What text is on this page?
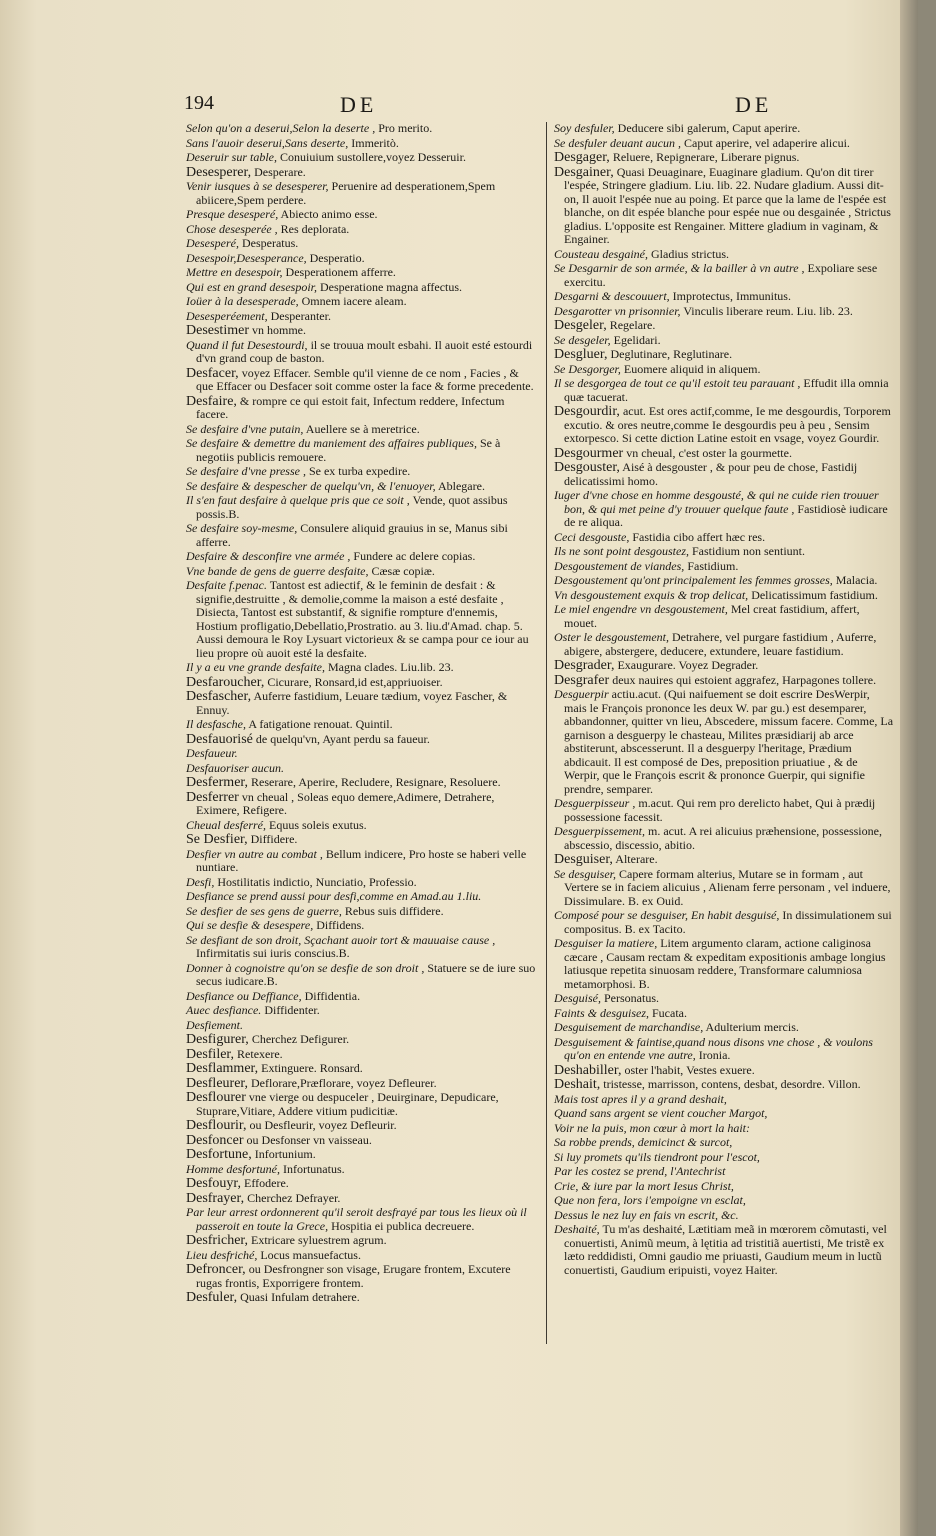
194	DE	DE

Selon qu'on a deserui,Selon la deserte , Pro merito.

Sans l'auoir deserui,Sans deserte, Immeritò.

Deseruir sur table, Conuiuium sustollere,voyez Desseruir.

Desesperer, Desperare.

Venir iusques à se desesperer, Peruenire ad desperationem,Spem abiicere,Spem perdere.

Presque desesperé, Abiecto animo esse.

Chose desesperée , Res deplorata.

Desesperé, Desperatus.

Desespoir,Desesperance, Desperatio.

Mettre en desespoir, Desperationem afferre.

Qui est en grand desespoir, Desperatione magna affectus.

Ioüer à la desesperade, Omnem iacere aleam.

Desesperéement, Desperanter.

Desestimer vn homme.

Quand il fut Desestourdi, il se trouua moult esbahi. Il auoit esté estourdi d'vn grand coup de baston.

Desfacer, voyez Effacer. Semble qu'il vienne de ce nom , Facies , & que Effacer ou Desfacer soit comme oster la face & forme precedente.

Desfaire, & rompre ce qui estoit fait, Infectum reddere, Infectum facere.

Se desfaire d'vne putain, Auellere se à meretrice.

Se desfaire & demettre du maniement des affaires publiques, Se à negotiis publicis remouere.

Se desfaire d'vne presse , Se ex turba expedire.

Se desfaire & despescher de quelqu'vn, & l'enuoyer, Ablegare.

Il s'en faut desfaire à quelque pris que ce soit , Vende, quot assibus possis.B.

Se desfaire soy-mesme, Consulere aliquid grauius in se, Manus sibi afferre.

Desfaire & desconfire vne armée , Fundere ac delere copias.

Vne bande de gens de guerre desfaite, Cæsæ copiæ.

Desfaite f.penac. Tantost est adiectif, & le feminin de desfait : & signifie,destruitte , & demolie,comme la maison a esté desfaite , Disiecta, Tantost est substantif, & signifie rompture d'ennemis, Hostium profligatio,Debellatio,Prostratio. au 3. liu.d'Amad. chap. 5. Aussi demoura le Roy Lysuart victorieux & se campa pour ce iour au lieu propre où auoit esté la desfaite.

Il y a eu vne grande desfaite, Magna clades. Liu.lib. 23.

Desfaroucher, Cicurare, Ronsard,id est,appriuoiser.

Desfascher, Auferre fastidium, Leuare tædium, voyez Fascher, & Ennuy.

Il desfasche, A fatigatione renouat. Quintil.

Desfauorisé de quelqu'vn, Ayant perdu sa faueur.

Desfaueur.

Desfauoriser aucun.

Desfermer, Reserare, Aperire, Recludere, Resignare, Resoluere.

Desferrer vn cheual , Soleas equo demere,Adimere, Detrahere, Eximere, Refigere.

Cheual desferré, Equus soleis exutus.

Se Desfier, Diffidere.

Desfier vn autre au combat , Bellum indicere, Pro hoste se haberi velle nuntiare.

Desfi, Hostilitatis indictio, Nunciatio, Professio.

Desfiance se prend aussi pour desfi,comme en Amad.au 1.liu.

Se desfier de ses gens de guerre, Rebus suis diffidere.

Qui se desfie & desespere, Diffidens.

Se desfiant de son droit, Sçachant auoir tort & mauuaise cause , Infirmitatis sui iuris conscius.B.

Donner à cognoistre qu'on se desfie de son droit , Statuere se de iure suo secus iudicare.B.

Desfiance ou Deffiance, Diffidentia.

Auec desfiance. Diffidenter.

Desfiement.

Desfigurer, Cherchez Defigurer.

Desfiler, Retexere.

Desflammer, Extinguere. Ronsard.

Desfleurer, Deflorare,Præflorare, voyez Defleurer.

Desflourer vne vierge ou despuceler , Deuirginare, Depudicare, Stuprare,Vitiare, Addere vitium pudicitiæ.

Desflourir, ou Desfleurir, voyez Defleurir.

Desfoncer ou Desfonser vn vaisseau.

Desfortune, Infortunium.

Homme desfortuné, Infortunatus.

Desfouyr, Effodere.

Desfrayer, Cherchez Defrayer.

Par leur arrest ordonnerent qu'il seroit desfrayé par tous les lieux où il passeroit en toute la Grece, Hospitia ei publica decreuere.

Desfricher, Extricare syluestrem agrum.

Lieu desfriché, Locus mansuefactus.

Defroncer, ou Desfrongner son visage, Erugare frontem, Excutere rugas frontis, Exporrigere frontem.

Desfuler, Quasi Infulam detrahere.

Soy desfuler, Deducere sibi galerum, Caput aperire.

Se desfuler deuant aucun , Caput aperire, vel adaperire alicui.

Desgager, Reluere, Repignerare, Liberare pignus.

Desgainer, Quasi Deuaginare, Euaginare gladium. Qu'on dit tirer l'espée, Stringere gladium. Liu. lib. 22. Nudare gladium. Aussi dit-on, Il auoit l'espée nue au poing. Et parce que la lame de l'espée est blanche, on dit espée blanche pour espée nue ou desgainée , Strictus gladius. L'opposite est Rengainer. Mittere gladium in vaginam, & Engainer.

Cousteau desgainé, Gladius strictus.

Se Desgarnir de son armée, & la bailler à vn autre , Expoliare sese exercitu.

Desgarni & descouuert, Improtectus, Immunitus.

Desgarotter vn prisonnier, Vinculis liberare reum. Liu. lib. 23.

Desgeler, Regelare.

Se desgeler, Egelidari.

Desgluer, Deglutinare, Reglutinare.

Se Desgorger, Euomere aliquid in aliquem.

Il se desgorgea de tout ce qu'il estoit teu parauant , Effudit illa omnia quæ tacuerat.

Desgourdir, acut. Est ores actif,comme, Ie me desgourdis, Torporem excutio. & ores neutre,comme Ie desgourdis peu à peu , Sensim extorpesco. Si cette diction Latine estoit en vsage, voyez Gourdir.

Desgourmer vn cheual, c'est oster la gourmette.

Desgouster, Aisé à desgouster , & pour peu de chose, Fastidij delicatissimi homo.

Iuger d'vne chose en homme desgousté, & qui ne cuide rien trouuer bon, & qui met peine d'y trouuer quelque faute , Fastidiosè iudicare de re aliqua.

Ceci desgouste, Fastidia cibo affert hæc res.

Ils ne sont point desgoustez, Fastidium non sentiunt.

Desgoustement de viandes, Fastidium.

Desgoustement qu'ont principalement les femmes grosses, Malacia.

Vn desgoustement exquis & trop delicat, Delicatissimum fastidium.

Le miel engendre vn desgoustement, Mel creat fastidium, affert, mouet.

Oster le desgoustement, Detrahere, vel purgare fastidium , Auferre, abigere, abstergere, deducere, extundere, leuare fastidium.

Desgrader, Exaugurare. Voyez Degrader.

Desgrafer deux nauires qui estoient aggrafez, Harpagones tollere.

Desguerpir actiu.acut. (Qui naifuement se doit escrire DesWerpir, mais le François prononce les deux W. par gu.) est desemparer, abbandonner, quitter vn lieu, Abscedere, missum facere. Comme, La garnison a desguerpy le chasteau, Milites præsidiarij ab arce abstiterunt, abscesserunt. Il a desguerpy l'heritage, Prædium abdicauit. Il est composé de Des, preposition priuatiue , & de Werpir, que le François escrit & prononce Guerpir, qui signifie prendre, semparer.

Desguerpisseur , m.acut. Qui rem pro derelicto habet, Qui à prædij possessione facessit.

Desguerpissement, m. acut. A rei alicuius præhensione, possessione, abscessio, discessio, abitio.

Desguiser, Alterare.

Se desguiser, Capere formam alterius, Mutare se in formam , aut Vertere se in faciem alicuius , Alienam ferre personam , vel induere, Dissimulare. B. ex Ouid.

Composé pour se desguiser, En habit desguisé, In dissimulationem sui compositus. B. ex Tacito.

Desguiser la matiere, Litem argumento claram, actione caliginosa cæcare , Causam rectam & expeditam expositionis ambage longius latiusque repetita sinuosam reddere, Transformare calumniosa metamorphosi. B.

Desguisé, Personatus.

Faints & desguisez, Fucata.

Desguisement de marchandise, Adulterium mercis.

Desguisement & faintise,quand nous disons vne chose , & voulons qu'on en entende vne autre, Ironia.

Deshabiller, oster l'habit, Vestes exuere.

Deshait, tristesse, marrisson, contens, desbat, desordre. Villon.

Mais tost apres il y a grand deshait,

Quand sans argent se vient coucher Margot,

Voir ne la puis, mon cœur à mort la hait:

Sa robbe prends, demicinct & surcot,

Si luy promets qu'ils tiendront pour l'escot,

Par les costez se prend, l'Antechrist

Crie, & iure par la mort Iesus Christ,

Que non fera, lors i'empoigne vn esclat,

Dessus le nez luy en fais vn escrit, &c.

Deshaité, Tu m'as deshaité, Lætitiam meã in mœrorem cõmutasti, vel conuertisti, Animũ meum, à lętitia ad tristitiã auertisti, Me tristẽ ex læto reddidisti, Omni gaudio me priuasti, Gaudium meum in luctũ conuertisti, Gaudium eripuisti, voyez Haiter.
